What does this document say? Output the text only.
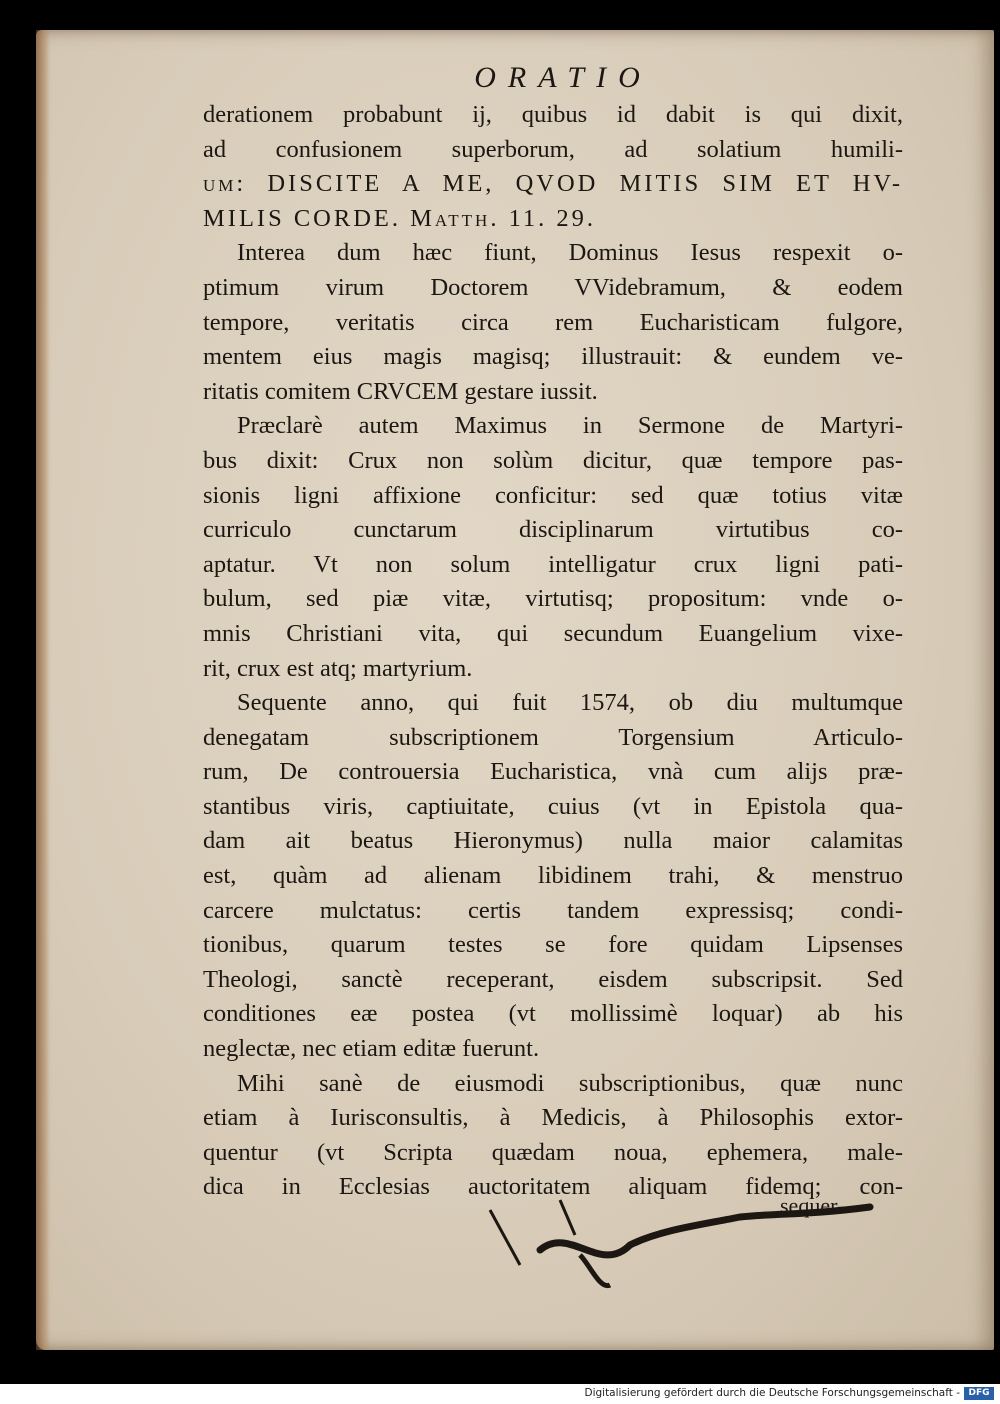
ORATIO
derationem probabunt ij, quibus id dabit is qui dixit,
ad confusionem superborum, ad solatium humili-
um: DISCITE A ME, QVOD MITIS SIM ET HV-
MILIS CORDE. Matth. 11. 29.
Interea dum hæc fiunt, Dominus Iesus respexit o-
ptimum virum Doctorem VVidebramum, & eodem
tempore, veritatis circa rem Eucharisticam fulgore,
mentem eius magis magisq; illustrauit: & eundem ve-
ritatis comitem CRVCEM gestare iussit.
Præclarè autem Maximus in Sermone de Martyri-
bus dixit: Crux non solùm dicitur, quæ tempore pas-
sionis ligni affixione conficitur: sed quæ totius vitæ
curriculo cunctarum disciplinarum virtutibus co-
aptatur. Vt non solum intelligatur crux ligni pati-
bulum, sed piæ vitæ, virtutisq; propositum: vnde o-
mnis Christiani vita, qui secundum Euangelium vixe-
rit, crux est atq; martyrium.
Sequente anno, qui fuit 1574, ob diu multumque
denegatam subscriptionem Torgensium Articulo-
rum, De controuersia Eucharistica, vnà cum alijs præ-
stantibus viris, captiuitate, cuius (vt in Epistola qua-
dam ait beatus Hieronymus) nulla maior calamitas
est, quàm ad alienam libidinem trahi, & menstruo
carcere mulctatus: certis tandem expressisq; condi-
tionibus, quarum testes se fore quidam Lipsenses
Theologi, sanctè receperant, eisdem subscripsit. Sed
conditiones eæ postea (vt mollissimè loquar) ab his
neglectæ, nec etiam editæ fuerunt.
Mihi sanè de eiusmodi subscriptionibus, quæ nunc
etiam à Iurisconsultis, à Medicis, à Philosophis extor-
quentur (vt Scripta quædam noua, ephemera, male-
dica in Ecclesias auctoritatem aliquam fidemq; con-
sequer-
Digitalisierung gefördert durch die Deutsche Forschungsgemeinschaft - DFG
